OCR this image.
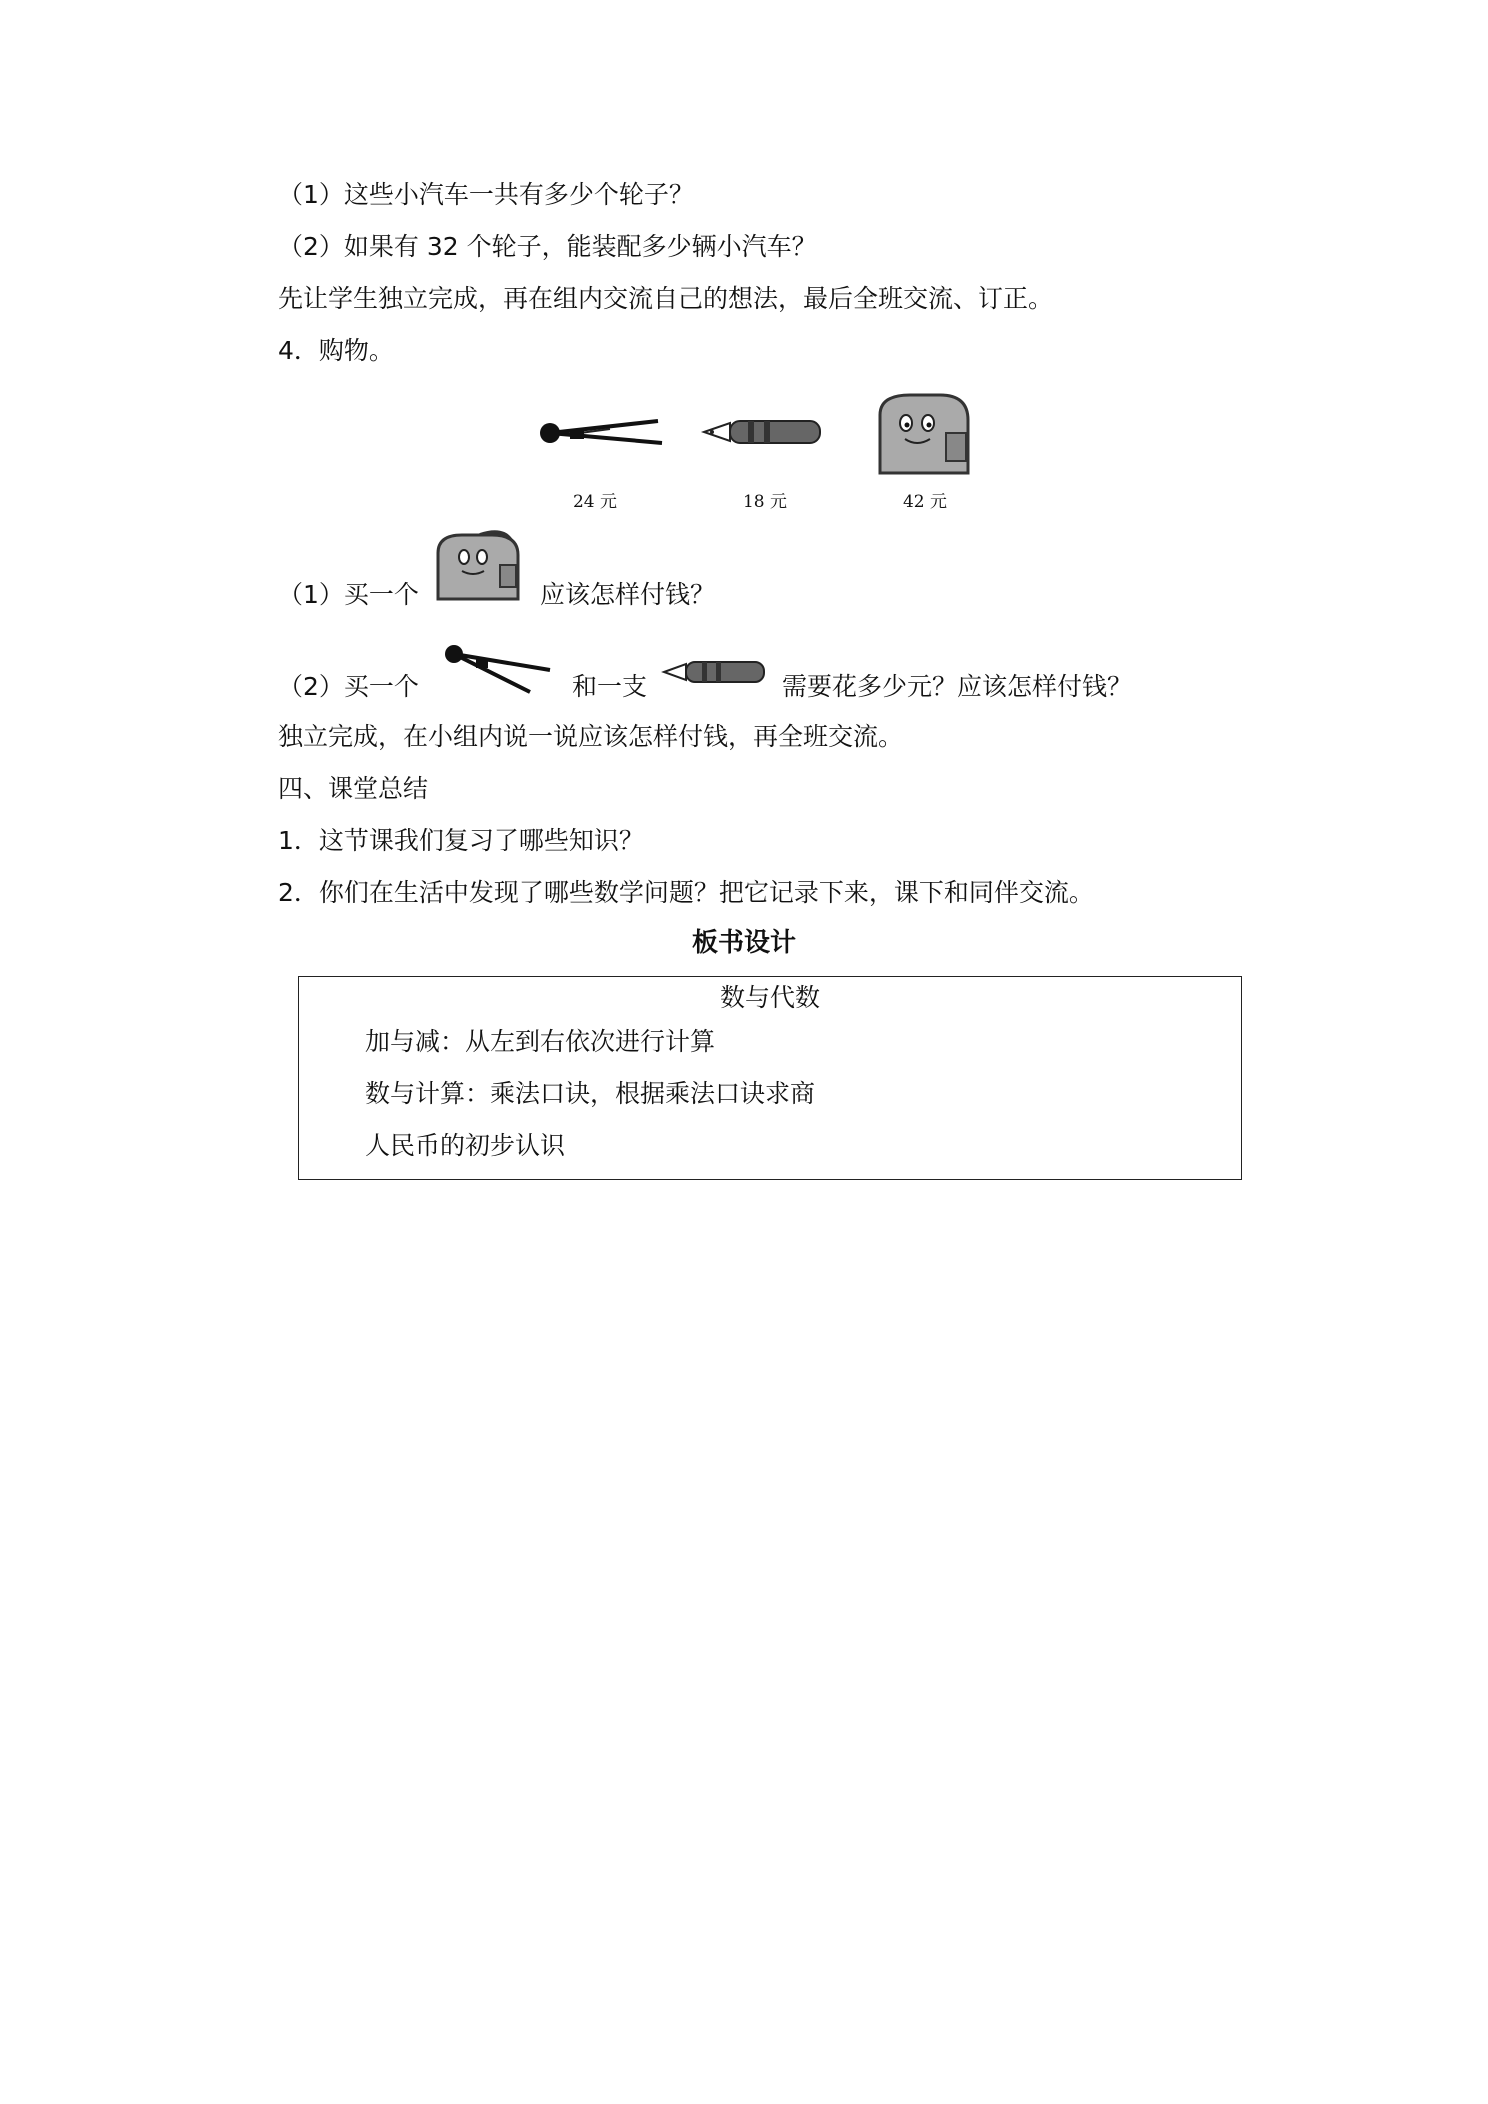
（1）这些小汽车一共有多少个轮子？
（2）如果有 32 个轮子，能装配多少辆小汽车？
先让学生独立完成，再在组内交流自己的想法，最后全班交流、订正。
4．购物。
24 元	18 元	42 元
（1）买一个	应该怎样付钱？
（2）买一个	和一支	需要花多少元？应该怎样付钱？
独立完成，在小组内说一说应该怎样付钱，再全班交流。
四、课堂总结
1．这节课我们复习了哪些知识？
2．你们在生活中发现了哪些数学问题？把它记录下来，课下和同伴交流。
板书设计
数与代数
加与减：从左到右依次进行计算
数与计算：乘法口诀，根据乘法口诀求商
人民币的初步认识
